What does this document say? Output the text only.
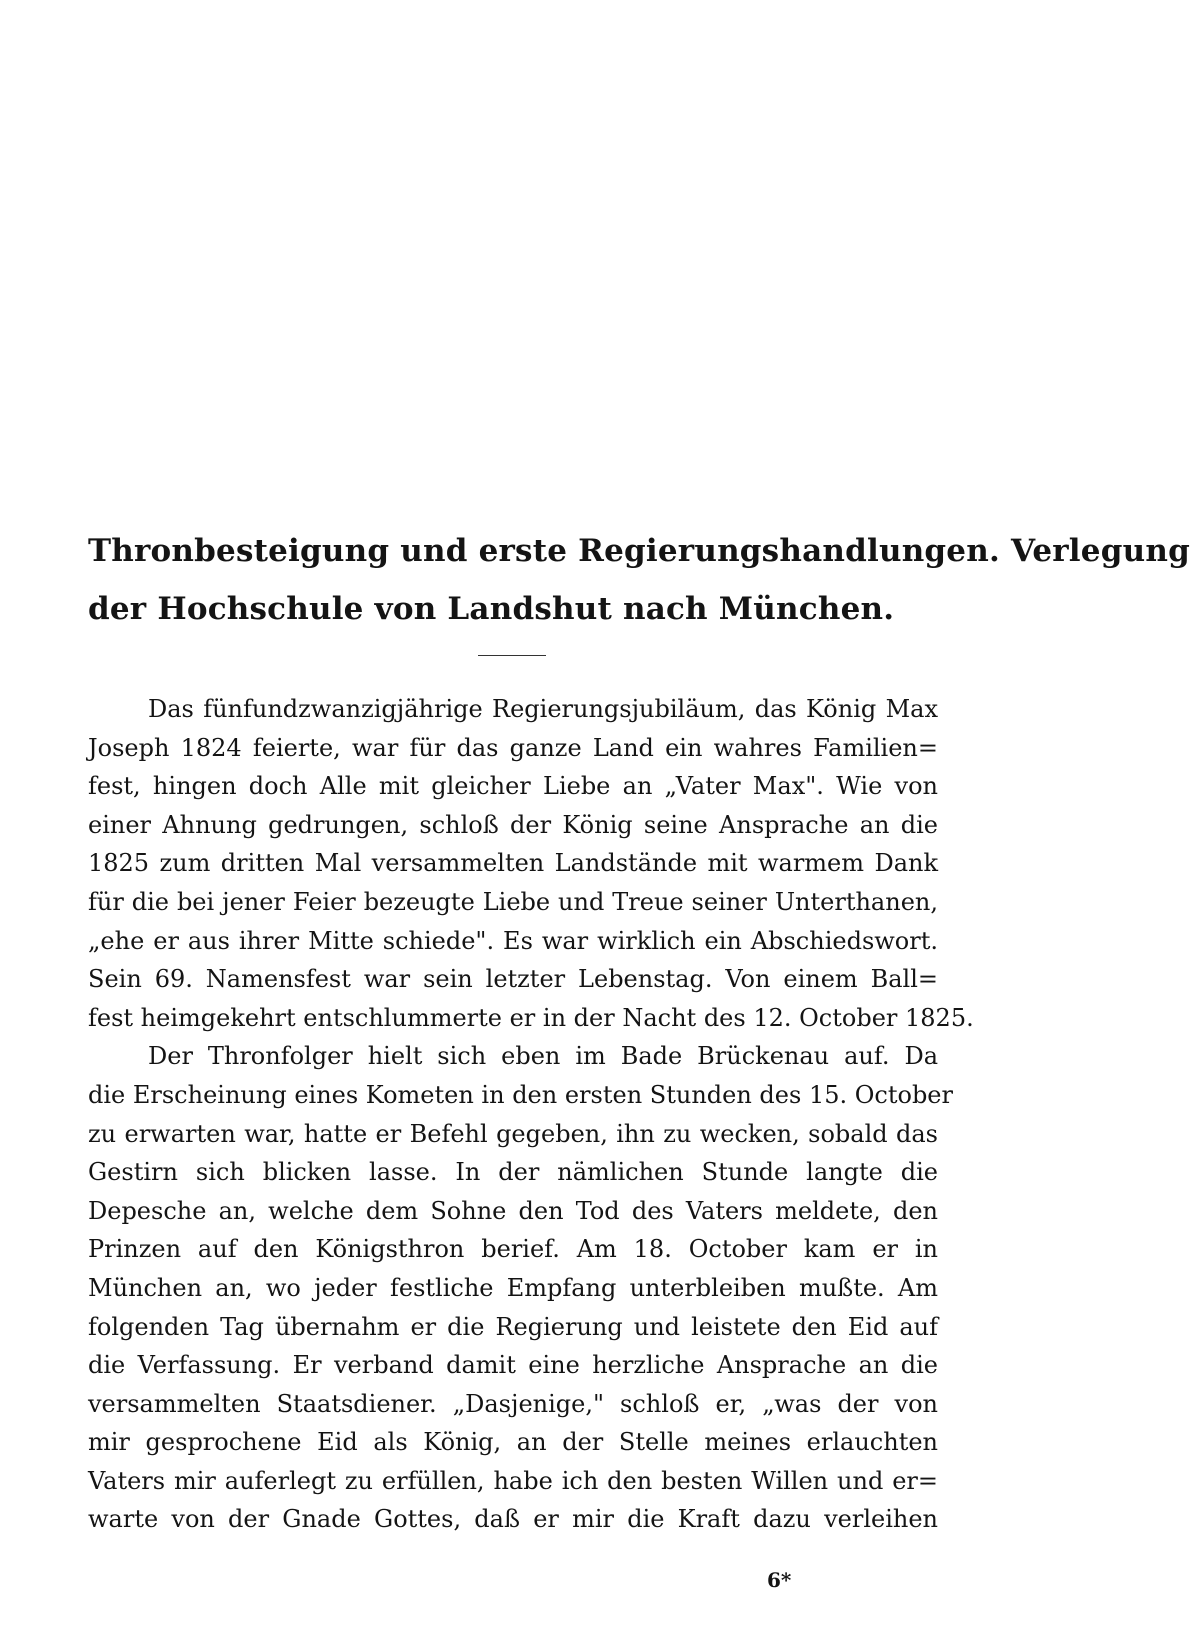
Thronbesteigung und erste Regierungshandlungen. Verlegung
der Hochschule von Landshut nach München.
Das fünfundzwanzigjährige Regierungsjubiläum, das König Max
Joseph 1824 feierte, war für das ganze Land ein wahres Familien=
fest, hingen doch Alle mit gleicher Liebe an „Vater Max". Wie von
einer Ahnung gedrungen, schloß der König seine Ansprache an die
1825 zum dritten Mal versammelten Landstände mit warmem Dank
für die bei jener Feier bezeugte Liebe und Treue seiner Unterthanen,
„ehe er aus ihrer Mitte schiede". Es war wirklich ein Abschiedswort.
Sein 69. Namensfest war sein letzter Lebenstag. Von einem Ball=
fest heimgekehrt entschlummerte er in der Nacht des 12. October 1825.
Der Thronfolger hielt sich eben im Bade Brückenau auf. Da
die Erscheinung eines Kometen in den ersten Stunden des 15. October
zu erwarten war, hatte er Befehl gegeben, ihn zu wecken, sobald das
Gestirn sich blicken lasse. In der nämlichen Stunde langte die
Depesche an, welche dem Sohne den Tod des Vaters meldete, den
Prinzen auf den Königsthron berief. Am 18. October kam er in
München an, wo jeder festliche Empfang unterbleiben mußte. Am
folgenden Tag übernahm er die Regierung und leistete den Eid auf
die Verfassung. Er verband damit eine herzliche Ansprache an die
versammelten Staatsdiener. „Dasjenige," schloß er, „was der von
mir gesprochene Eid als König, an der Stelle meines erlauchten
Vaters mir auferlegt zu erfüllen, habe ich den besten Willen und er=
warte von der Gnade Gottes, daß er mir die Kraft dazu verleihen
6*
